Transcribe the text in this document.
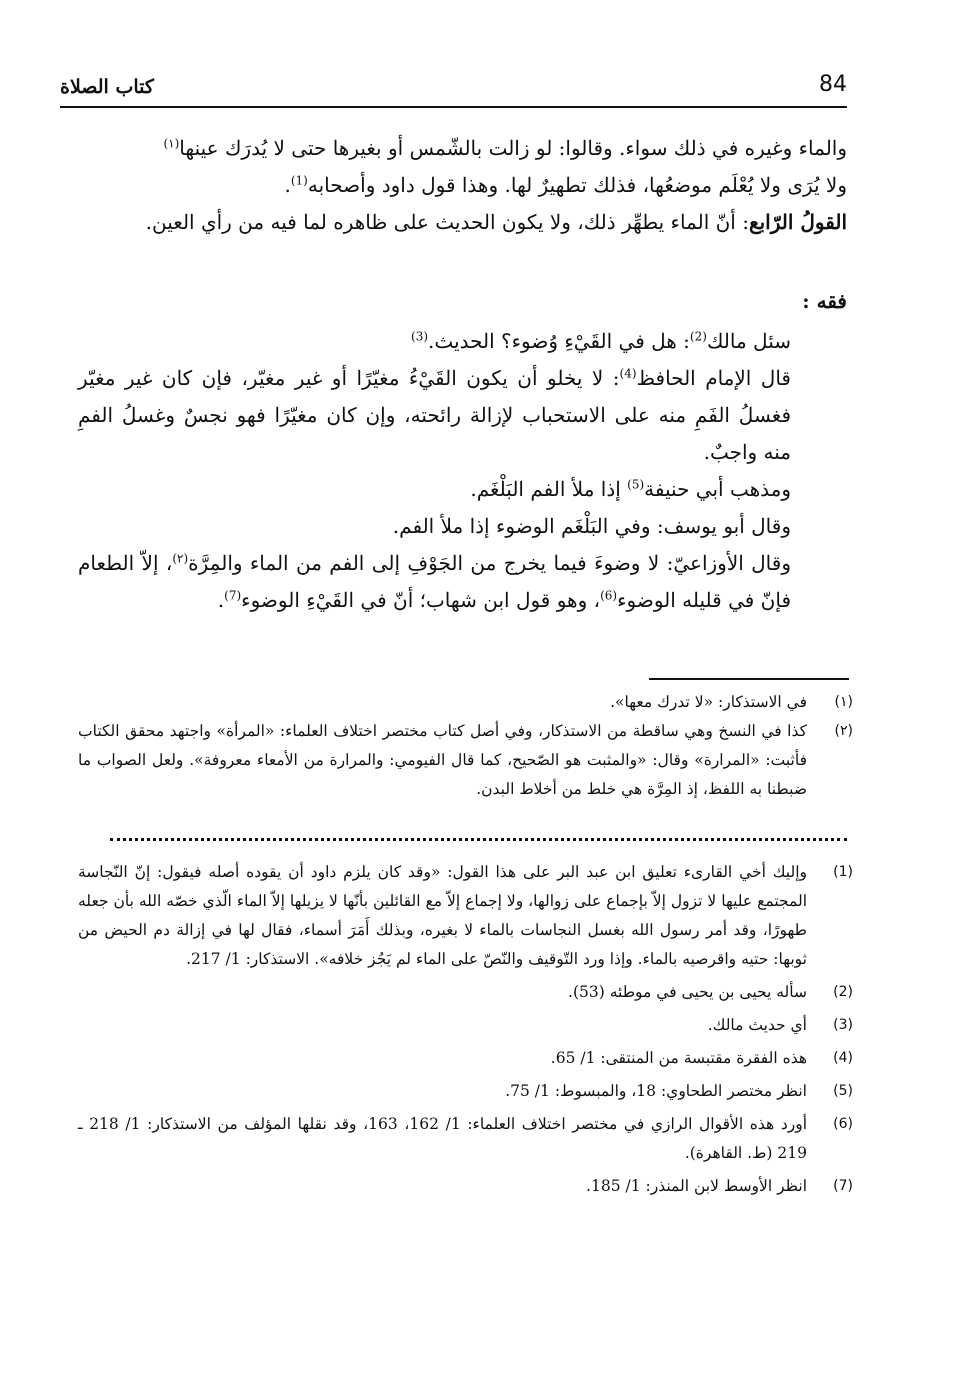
84
كتاب الصلاة

والماء وغيره في ذلك سواء. وقالوا: لو زالت بالشّمس أو بغيرها حتى لا يُدرَك عينها$^{(١)}$

ولا يُرَى ولا يُعْلَم موضعُها، فذلك تطهيرٌ لها. وهذا قول داود وأصحابه$^{(1)}$.

القولُ الرّابع: أنّ الماء يطهِّر ذلك، ولا يكون الحديث على ظاهره لما فيه من رأي العين.

فقه :

سئل مالك$^{(2)}$: هل في القَيْءِ وُضوء؟ الحديث.$^{(3)}$

قال الإمام الحافظ$^{(4)}$: لا يخلو أن يكون القَيْءُ مغيّرًا أو غير مغيّر، فإن كان غير مغيّر فغسلُ الفَمِ منه على الاستحباب لإزالة رائحته، وإن كان مغيّرًا فهو نجسٌ وغسلُ الفمِ منه واجبٌ.

ومذهب أبي حنيفة$^{(5)}$ إذا ملأ الفم البَلْغَم.

وقال أبو يوسف: وفي البَلْغَم الوضوء إذا ملأ الفم.

وقال الأوزاعيّ: لا وضوءَ فيما يخرج من الجَوْفِ إلى الفم من الماء والمِرَّة$^{(٢)}$، إلاّ الطعام فإنّ في قليله الوضوء$^{(6)}$، وهو قول ابن شهاب؛ أنّ في القَيْءِ الوضوء$^{(7)}$.

(١)
في الاستذكار: «لا تدرك معها».
(٢)
كذا في النسخ وهي ساقطة من الاستذكار، وفي أصل كتاب مختصر اختلاف العلماء: «المرأة» واجتهد محقق الكتاب فأثبت: «المرارة» وقال: «والمثبت هو الصّحيح، كما قال الفيومي: والمرارة من الأمعاء معروفة». ولعل الصواب ما ضبطنا به اللفظ، إذ المِرَّة هي خلط من أخلاط البدن.
(1)
وإليك أخي القارىء تعليق ابن عبد البر على هذا القول: «وقد كان يلزم داود أن يقوده أصله فيقول: إنّ النّجاسة المجتمع عليها لا تزول إلاّ بإجماع على زوالها، ولا إجماع إلاّ مع القائلين بأنّها لا يزيلها إلاّ الماء الّذي خصّه الله بأن جعله طهورًا، وقد أمر رسول الله بغسل النجاسات بالماء لا بغيره، وبذلك أَمَرَ أسماء، فقال لها في إزالة دم الحيض من ثوبها: حتيه واقرصيه بالماء. وإذا ورد التّوقيف والنّصّ على الماء لم يَجُز خلافه». الاستذكار: 1/ 217.
(2)
سأله يحيى بن يحيى في موطئه (53).
(3)
أي حديث مالك.
(4)
هذه الفقرة مقتبسة من المنتقى: 1/ 65.
(5)
انظر مختصر الطحاوي: 18، والمبسوط: 1/ 75.
(6)
أورد هذه الأقوال الرازي في مختصر اختلاف العلماء: 1/ 162، 163، وقد نقلها المؤلف من الاستذكار: 1/ 218 ـ 219 (ط. القاهرة).
(7)
انظر الأوسط لابن المنذر: 1/ 185.
